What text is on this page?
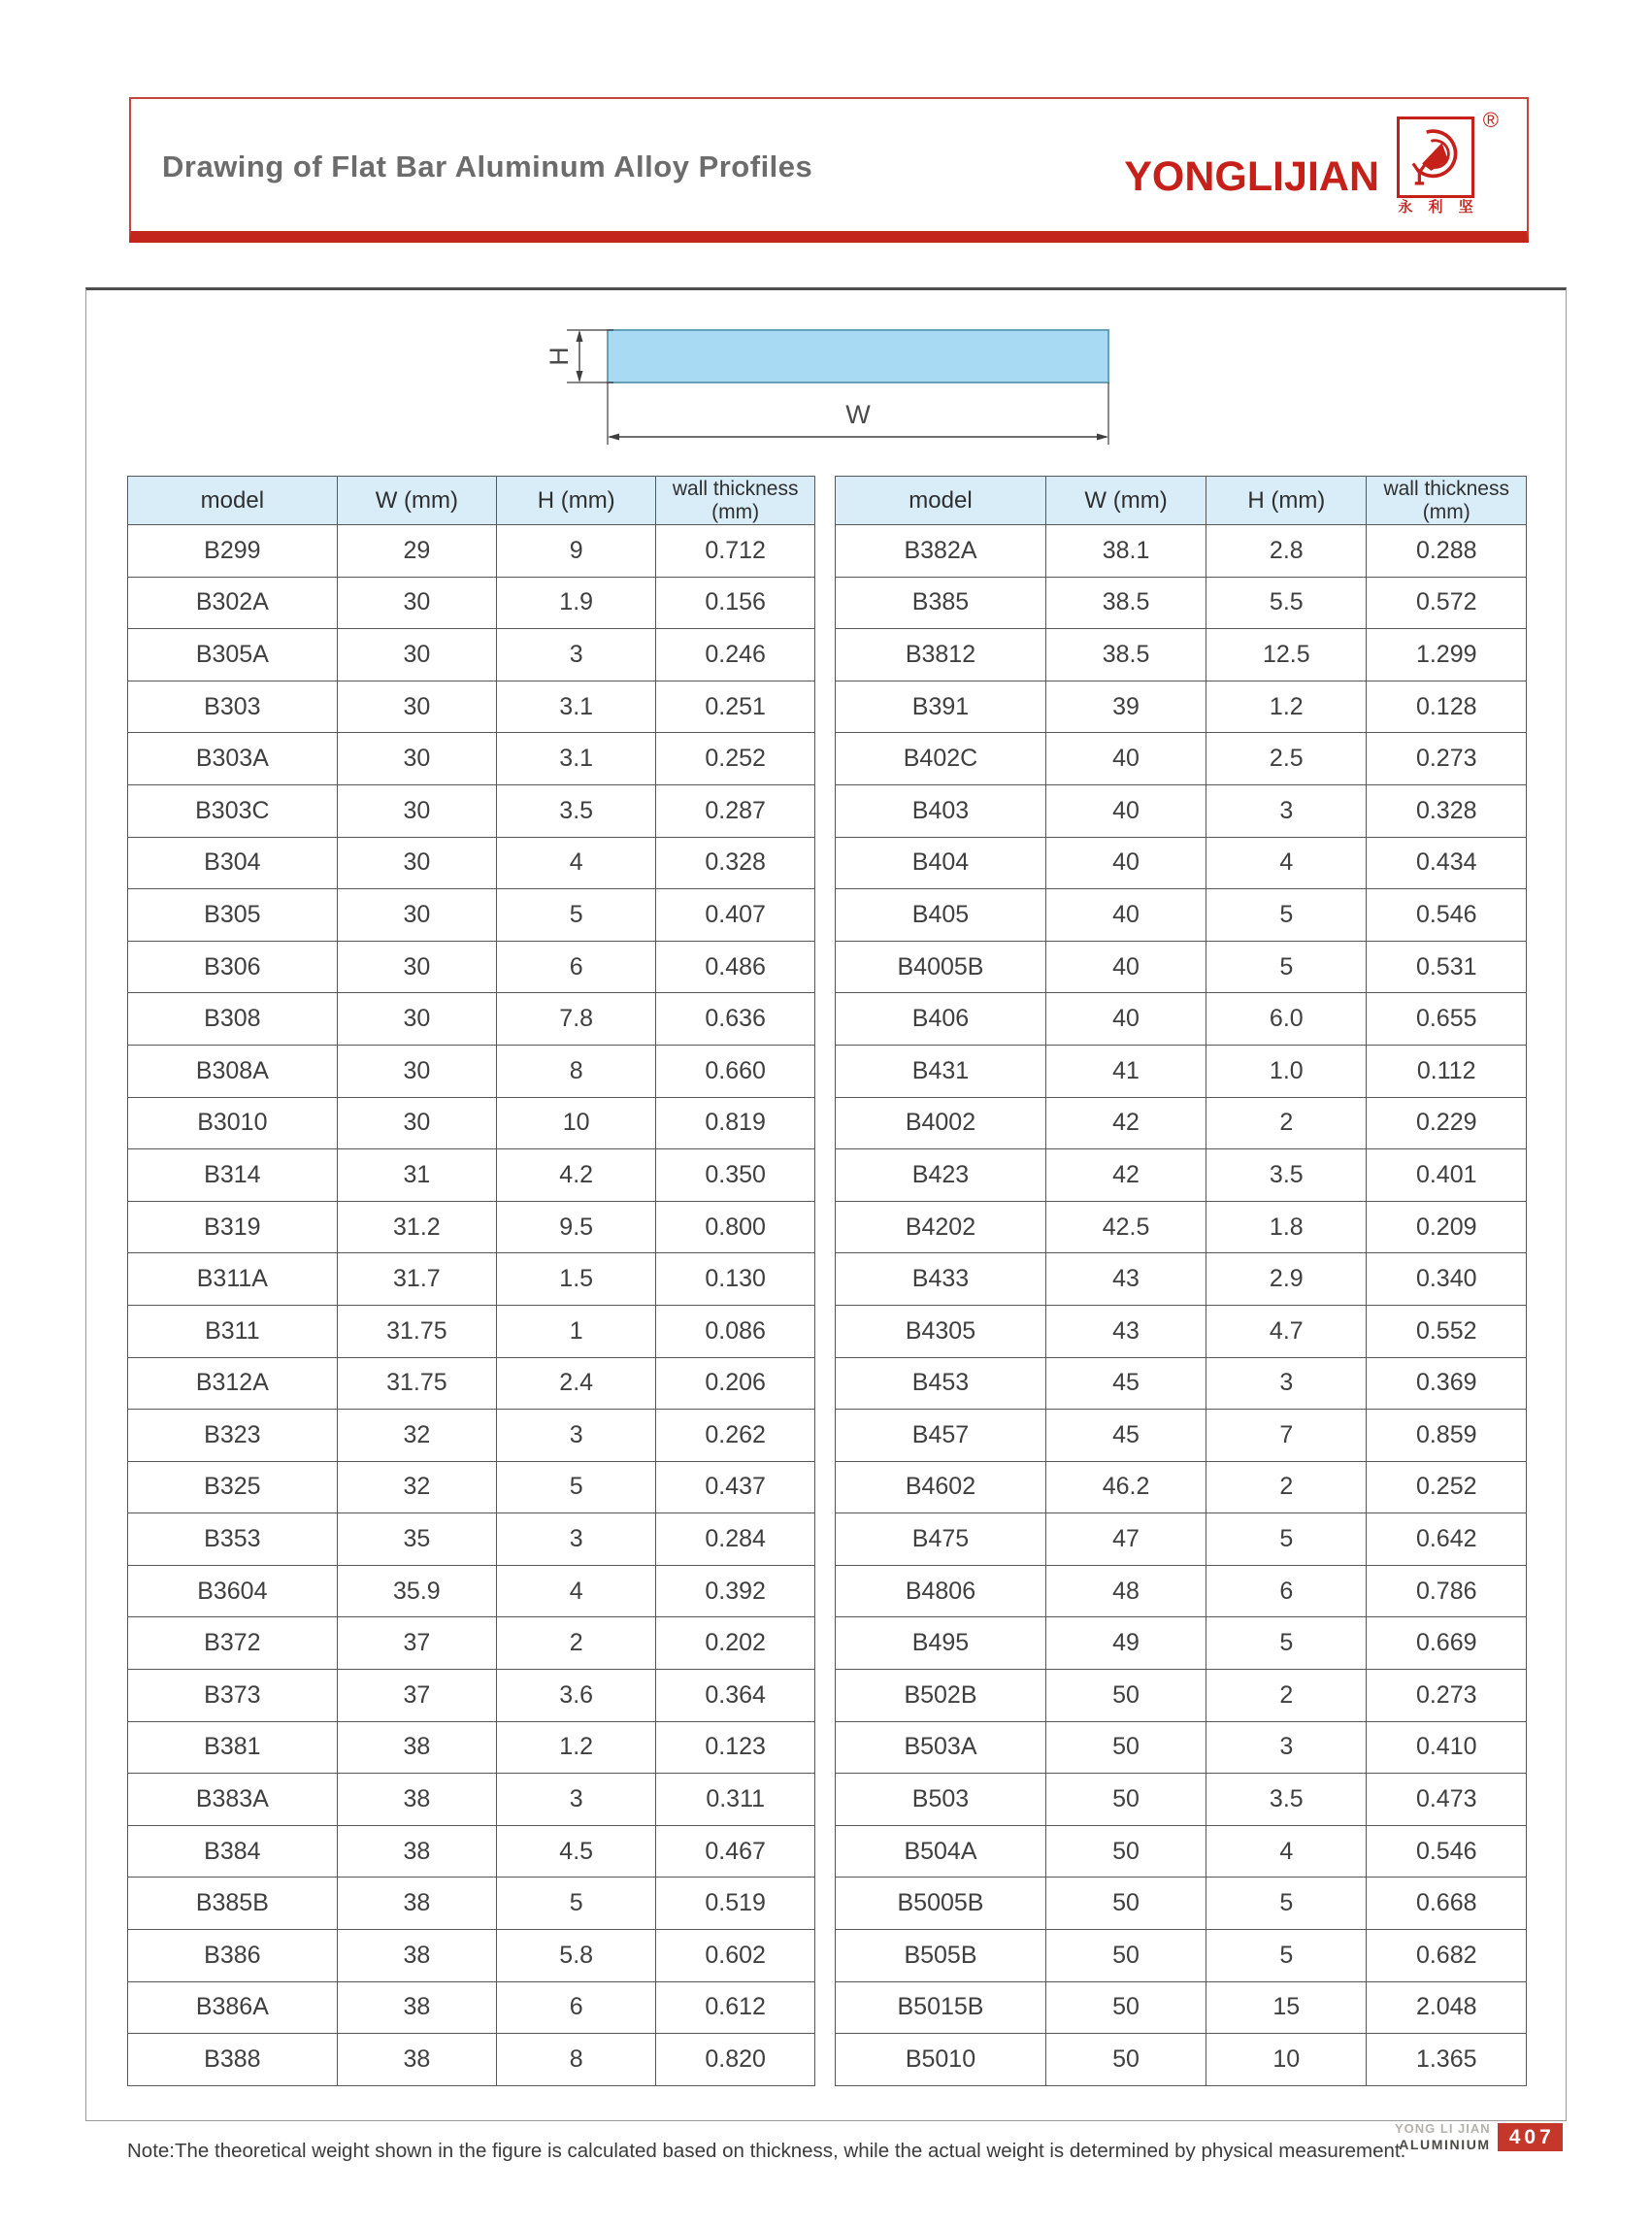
Drawing of Flat Bar Aluminum Alloy Profiles	YONGLIJIAN
永 利 坚
®
H
W
model	W (mm)	H (mm)	wall thickness
(mm)
B299	29	9	0.712
B302A	30	1.9	0.156
B305A	30	3	0.246
B303	30	3.1	0.251
B303A	30	3.1	0.252
B303C	30	3.5	0.287
B304	30	4	0.328
B305	30	5	0.407
B306	30	6	0.486
B308	30	7.8	0.636
B308A	30	8	0.660
B3010	30	10	0.819
B314	31	4.2	0.350
B319	31.2	9.5	0.800
B311A	31.7	1.5	0.130
B311	31.75	1	0.086
B312A	31.75	2.4	0.206
B323	32	3	0.262
B325	32	5	0.437
B353	35	3	0.284
B3604	35.9	4	0.392
B372	37	2	0.202
B373	37	3.6	0.364
B381	38	1.2	0.123
B383A	38	3	0.311
B384	38	4.5	0.467
B385B	38	5	0.519
B386	38	5.8	0.602
B386A	38	6	0.612
B388	38	8	0.820
model	W (mm)	H (mm)	wall thickness
(mm)
B382A	38.1	2.8	0.288
B385	38.5	5.5	0.572
B3812	38.5	12.5	1.299
B391	39	1.2	0.128
B402C	40	2.5	0.273
B403	40	3	0.328
B404	40	4	0.434
B405	40	5	0.546
B4005B	40	5	0.531
B406	40	6.0	0.655
B431	41	1.0	0.112
B4002	42	2	0.229
B423	42	3.5	0.401
B4202	42.5	1.8	0.209
B433	43	2.9	0.340
B4305	43	4.7	0.552
B453	45	3	0.369
B457	45	7	0.859
B4602	46.2	2	0.252
B475	47	5	0.642
B4806	48	6	0.786
B495	49	5	0.669
B502B	50	2	0.273
B503A	50	3	0.410
B503	50	3.5	0.473
B504A	50	4	0.546
B5005B	50	5	0.668
B505B	50	5	0.682
B5015B	50	15	2.048
B5010	50	10	1.365

Note:The theoretical weight shown in the figure is calculated based on thickness, while the actual weight is determined by physical measurement.

YONG LI JIAN
ALUMINIUM 407
